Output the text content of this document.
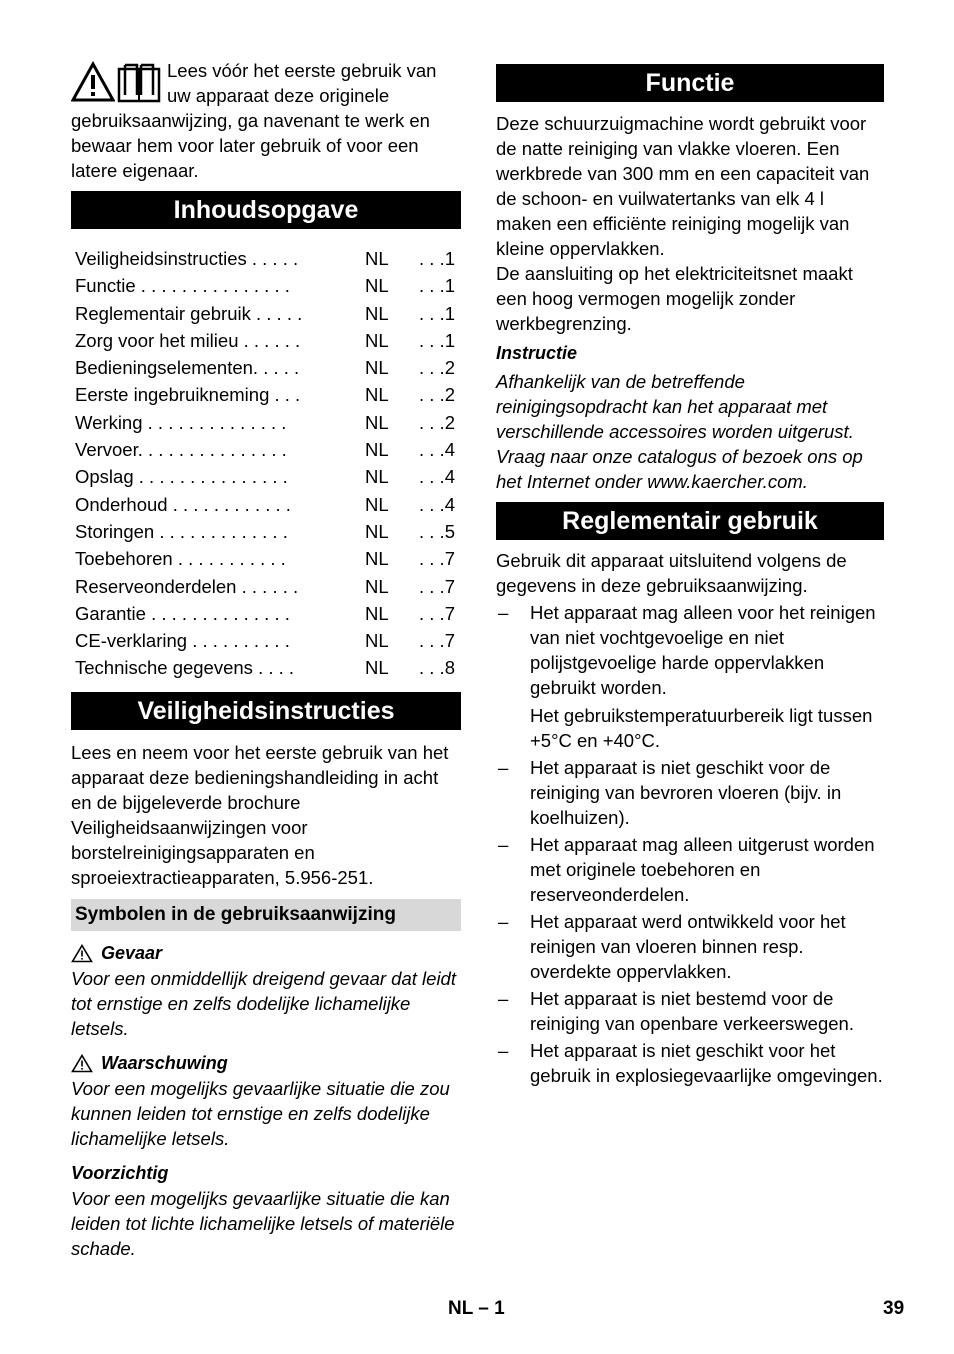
Lees vóór het eerste gebruik van uw apparaat deze originele gebruiksaanwijzing, ga navenant te werk en bewaar hem voor later gebruik of voor een latere eigenaar.

Inhoudsopgave
Veiligheidsinstructies . . . . .	NL	. . .1
Functie . . . . . . . . . . . . . . .	NL	. . .1
Reglementair gebruik . . . . .	NL	. . .1
Zorg voor het milieu . . . . . .	NL	. . .1
Bedieningselementen. . . . .	NL	. . .2
Eerste ingebruikneming . . .	NL	. . .2
Werking . . . . . . . . . . . . . .	NL	. . .2
Vervoer. . . . . . . . . . . . . . .	NL	. . .4
Opslag . . . . . . . . . . . . . . .	NL	. . .4
Onderhoud . . . . . . . . . . . .	NL	. . .4
Storingen . . . . . . . . . . . . .	NL	. . .5
Toebehoren . . . . . . . . . . .	NL	. . .7
Reserveonderdelen . . . . . .	NL	. . .7
Garantie . . . . . . . . . . . . . .	NL	. . .7
CE-verklaring . . . . . . . . . .	NL	. . .7
Technische gegevens . . . .	NL	. . .8
Veiligheidsinstructies

Lees en neem voor het eerste gebruik van het apparaat deze bedieningshandleiding in acht en de bijgeleverde brochure Veiligheidsaanwijzingen voor borstelreinigingsapparaten en sproeiextractieapparaten, 5.956-251.

Symbolen in de gebruiksaanwijzing
Gevaar

Voor een onmiddellijk dreigend gevaar dat leidt tot ernstige en zelfs dodelijke lichamelijke letsels.

Waarschuwing

Voor een mogelijks gevaarlijke situatie die zou kunnen leiden tot ernstige en zelfs dodelijke lichamelijke letsels.

Voorzichtig

Voor een mogelijks gevaarlijke situatie die kan leiden tot lichte lichamelijke letsels of materiële schade.

Functie

Deze schuurzuigmachine wordt gebruikt voor de natte reiniging van vlakke vloeren. Een werkbrede van 300 mm en een capaciteit van de schoon- en vuilwatertanks van elk 4 l maken een efficiënte reiniging mogelijk van kleine oppervlakken.

De aansluiting op het elektriciteitsnet maakt een hoog vermogen mogelijk zonder werkbegrenzing.

Instructie

Afhankelijk van de betreffende reinigingsopdracht kan het apparaat met verschillende accessoires worden uitgerust. Vraag naar onze catalogus of bezoek ons op het Internet onder www.kaercher.com.

Reglementair gebruik

Gebruik dit apparaat uitsluitend volgens de gegevens in deze gebruiksaanwijzing.

–	Het apparaat mag alleen voor het reinigen van niet vochtgevoelige en niet polijstgevoelige harde oppervlakken gebruikt worden.
Het gebruikstemperatuurbereik ligt tussen +5°C en +40°C.
–	Het apparaat is niet geschikt voor de reiniging van bevroren vloeren (bijv. in koelhuizen).
–	Het apparaat mag alleen uitgerust worden met originele toebehoren en reserveonderdelen.
–	Het apparaat werd ontwikkeld voor het reinigen van vloeren binnen resp. overdekte oppervlakken.
–	Het apparaat is niet bestemd voor de reiniging van openbare verkeerswegen.
–	Het apparaat is niet geschikt voor het gebruik in explosiegevaarlijke omgevingen.
NL – 1	39
